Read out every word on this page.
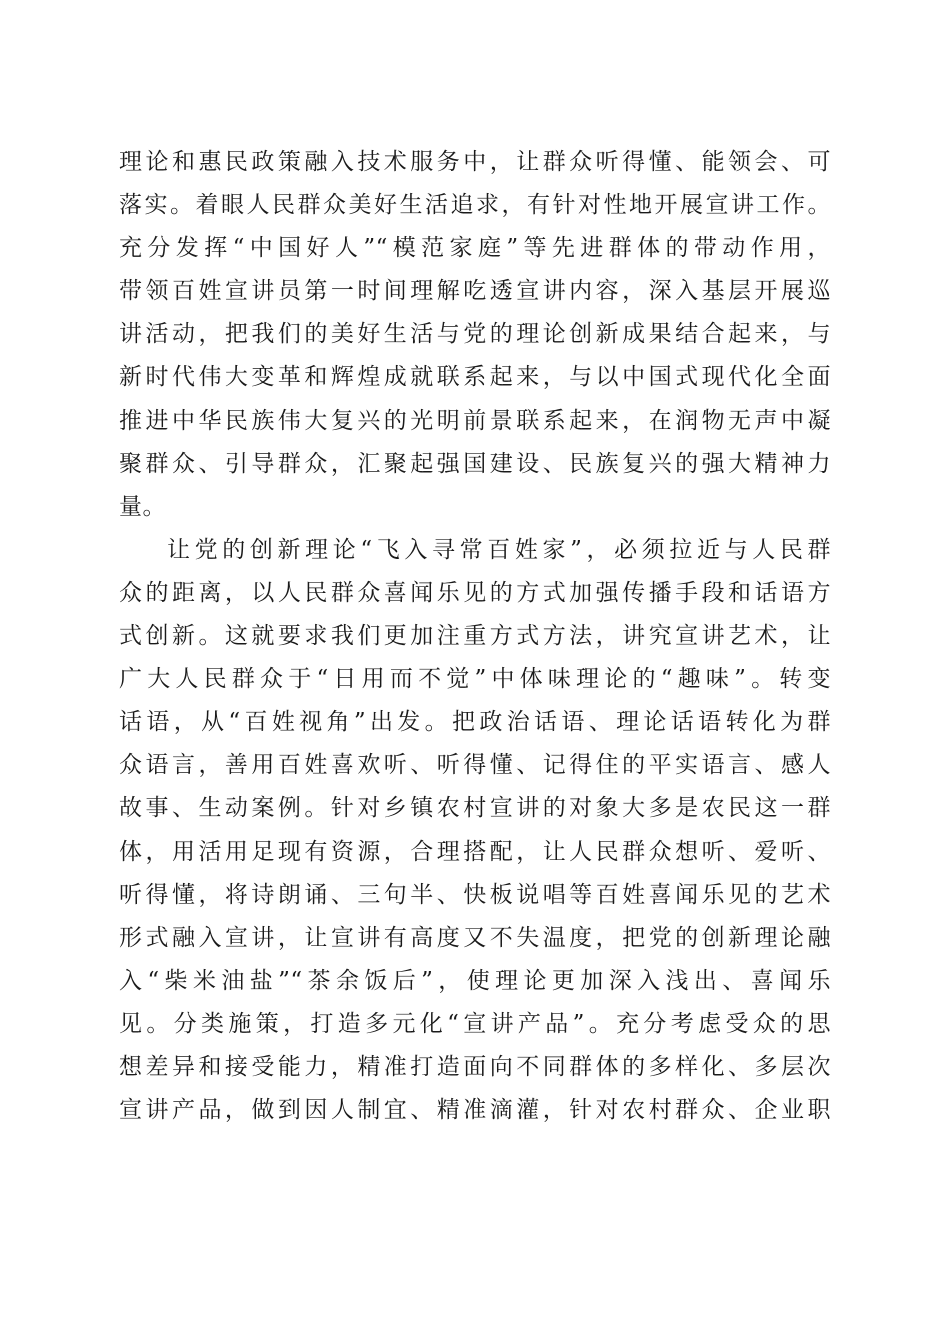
理论和惠民政策融入技术服务中，让群众听得懂、能领会、可
落实。着眼人民群众美好生活追求，有针对性地开展宣讲工作。
充分发挥“中国好人”“模范家庭”等先进群体的带动作用，
带领百姓宣讲员第一时间理解吃透宣讲内容，深入基层开展巡
讲活动，把我们的美好生活与党的理论创新成果结合起来，与
新时代伟大变革和辉煌成就联系起来，与以中国式现代化全面
推进中华民族伟大复兴的光明前景联系起来，在润物无声中凝
聚群众、引导群众，汇聚起强国建设、民族复兴的强大精神力
量。
让党的创新理论“飞入寻常百姓家”，必须拉近与人民群
众的距离，以人民群众喜闻乐见的方式加强传播手段和话语方
式创新。这就要求我们更加注重方式方法，讲究宣讲艺术，让
广大人民群众于“日用而不觉”中体味理论的“趣味”。转变
话语，从“百姓视角”出发。把政治话语、理论话语转化为群
众语言，善用百姓喜欢听、听得懂、记得住的平实语言、感人
故事、生动案例。针对乡镇农村宣讲的对象大多是农民这一群
体，用活用足现有资源，合理搭配，让人民群众想听、爱听、
听得懂，将诗朗诵、三句半、快板说唱等百姓喜闻乐见的艺术
形式融入宣讲，让宣讲有高度又不失温度，把党的创新理论融
入“柴米油盐”“茶余饭后”，使理论更加深入浅出、喜闻乐
见。分类施策，打造多元化“宣讲产品”。充分考虑受众的思
想差异和接受能力，精准打造面向不同群体的多样化、多层次
宣讲产品，做到因人制宜、精准滴灌，针对农村群众、企业职
